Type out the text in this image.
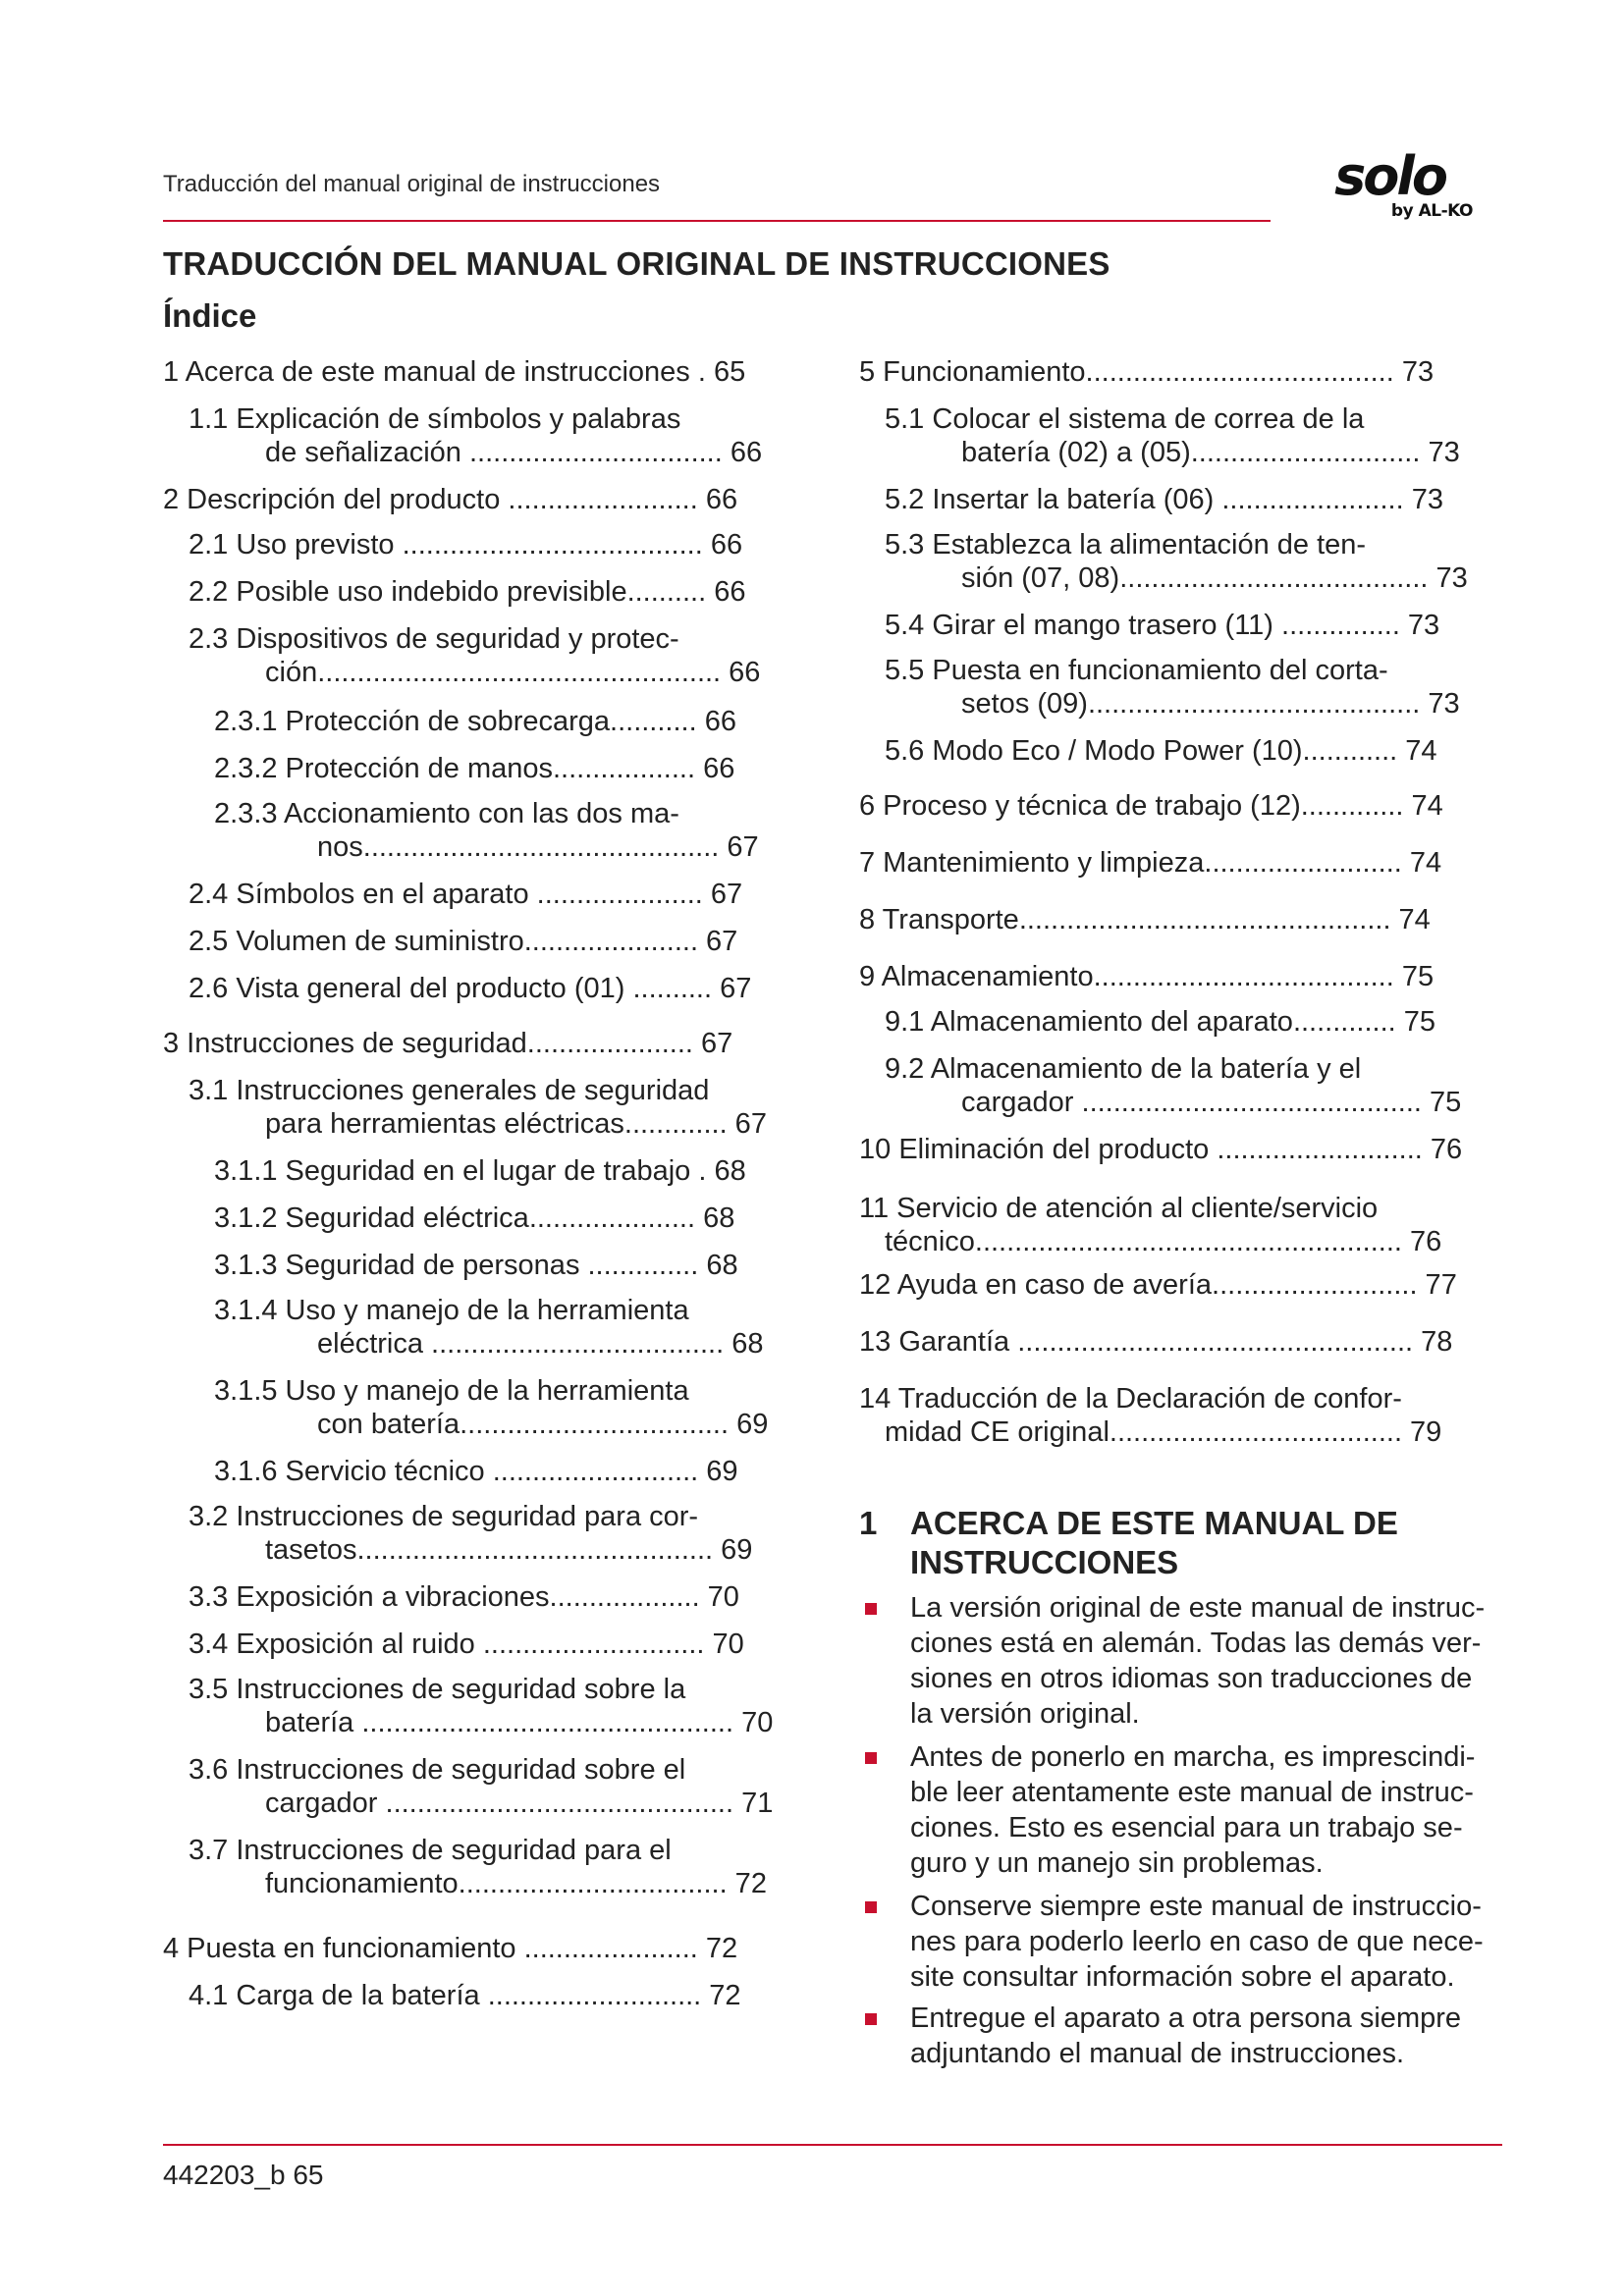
Traducción del manual original de instrucciones	solo
by AL-KO
TRADUCCIÓN DEL MANUAL ORIGINAL DE INSTRUCCIONES
Índice
1 Acerca de este manual de instrucciones . 65
1.1 Explicación de símbolos y palabras
de señalización ................................ 66
2 Descripción del producto ........................ 66
2.1 Uso previsto ...................................... 66
2.2 Posible uso indebido previsible.......... 66
2.3 Dispositivos de seguridad y protec-
ción................................................... 66
2.3.1 Protección de sobrecarga........... 66
2.3.2 Protección de manos.................. 66
2.3.3 Accionamiento con las dos ma-
nos............................................. 67
2.4 Símbolos en el aparato ..................... 67
2.5 Volumen de suministro...................... 67
2.6 Vista general del producto (01) .......... 67
3 Instrucciones de seguridad..................... 67
3.1 Instrucciones generales de seguridad
para herramientas eléctricas............. 67
3.1.1 Seguridad en el lugar de trabajo . 68
3.1.2 Seguridad eléctrica..................... 68
3.1.3 Seguridad de personas .............. 68
3.1.4 Uso y manejo de la herramienta
eléctrica ..................................... 68
3.1.5 Uso y manejo de la herramienta
con batería.................................. 69
3.1.6 Servicio técnico .......................... 69
3.2 Instrucciones de seguridad para cor-
tasetos............................................. 69
3.3 Exposición a vibraciones................... 70
3.4 Exposición al ruido ............................ 70
3.5 Instrucciones de seguridad sobre la
batería ............................................... 70
3.6 Instrucciones de seguridad sobre el
cargador ............................................ 71
3.7 Instrucciones de seguridad para el
funcionamiento.................................. 72
4 Puesta en funcionamiento ...................... 72
4.1 Carga de la batería ........................... 72
5 Funcionamiento....................................... 73
5.1 Colocar el sistema de correa de la
batería (02) a (05)............................. 73
5.2 Insertar la batería (06) ....................... 73
5.3 Establezca la alimentación de ten-
sión (07, 08)....................................... 73
5.4 Girar el mango trasero (11) ............... 73
5.5 Puesta en funcionamiento del corta-
setos (09).......................................... 73
5.6 Modo Eco / Modo Power (10)............ 74
6 Proceso y técnica de trabajo (12)............. 74
7 Mantenimiento y limpieza......................... 74
8 Transporte............................................... 74
9 Almacenamiento...................................... 75
9.1 Almacenamiento del aparato............. 75
9.2 Almacenamiento de la batería y el
cargador ........................................... 75
10 Eliminación del producto .......................... 76
11 Servicio de atención al cliente/servicio
técnico...................................................... 76
12 Ayuda en caso de avería.......................... 77
13 Garantía .................................................. 78
14 Traducción de la Declaración de confor-
midad CE original..................................... 79
1 ACERCA DE ESTE MANUAL DE
INSTRUCCIONES
La versión original de este manual de instruc-
ciones está en alemán. Todas las demás ver-
siones en otros idiomas son traducciones de
la versión original.
Antes de ponerlo en marcha, es imprescindi-
ble leer atentamente este manual de instruc-
ciones. Esto es esencial para un trabajo se-
guro y un manejo sin problemas.
Conserve siempre este manual de instruccio-
nes para poderlo leerlo en caso de que nece-
site consultar información sobre el aparato.
Entregue el aparato a otra persona siempre
adjuntando el manual de instrucciones.
442203_b 65
